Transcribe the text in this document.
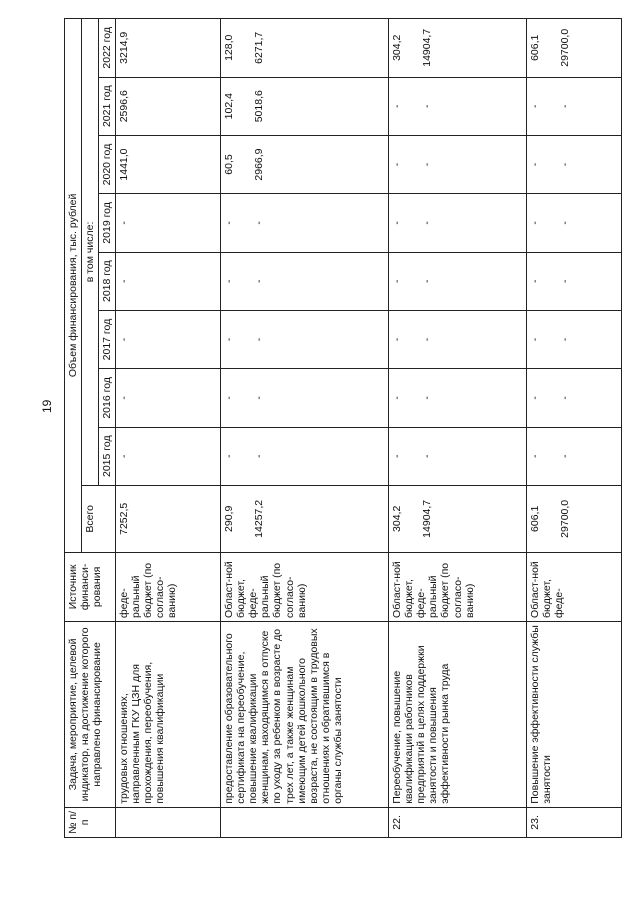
19
№ п/п	Задача, мероприятие, целевой индикатор, на достижение которого направлено финансирование	Источник финанси-рования	Объем финансирования, тыс. рублей								
			Всего	в том числе:							
				2015 год	2016 год	2017 год	2018 год	2019 год	2020 год	2021 год	2022 год
	трудовых отношениях, направленным ГКУ ЦЗН для прохождения, переобучения, повышения квалификации	феде-ральный бюджет (по согласо-ванию)	7252,5	-	-	-	-	-	1441,0	2596,6	3214,9
	предоставление образовательного сертификата на переобучение, повышение квалификации женщинам, находящимся в отпуске по уходу за ребенком в возрасте до трех лет, а также женщинам имеющим детей дошкольного возраста, не состоящим в трудовых отношениях и обратившимся в органы службы занятости	Област-ной бюджет, феде-ральный бюджет (по согласо-ванию)	290,9 14257,2	- -	- -	- -	- -	- -	60,5 2966,9	102,4 5018,6	128,0 6271,7

22.	Переобучение, повышение квалификации работников предприятий в целях поддержки занятости и повышения эффективности рынка труда	Област-ной бюджет, феде-ральный бюджет (по согласо-ванию)	304,2 14904,7	- -	- -	- -	- -	- -	- -	- -	304,2 14904,7

23.	Повышение эффективности службы занятости	Област-ной бюджет, феде-	606,1 29700,0	- -	- -	- -	- -	- -	- -	- -	606,1 29700,0
